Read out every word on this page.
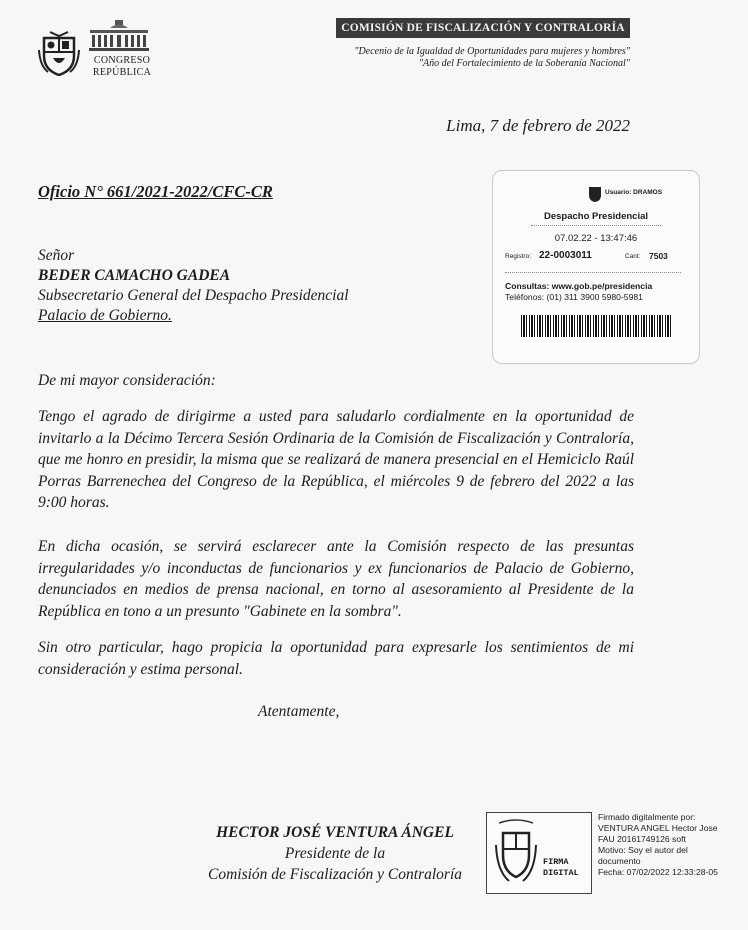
CONGRESO
REPÚBLICA
COMISIÓN DE FISCALIZACIÓN Y CONTRALORÍA
"Decenio de la Igualdad de Oportunidades para mujeres y hombres"
"Año del Fortalecimiento de la Soberanía Nacional"
Lima, 7 de febrero de 2022
Oficio N° 661/2021-2022/CFC-CR
Señor
BEDER CAMACHO GADEA
Subsecretario General del Despacho Presidencial
Palacio de Gobierno.
Usuario: DRAMOS
Despacho Presidencial
07.02.22 - 13:47:46
Registro: 22-0003011	Cant: 7503
Consultas: www.gob.pe/presidencia
Teléfonos: (01) 311 3900 5980-5981
De mi mayor consideración:
Tengo el agrado de dirigirme a usted para saludarlo cordialmente en la oportunidad de invitarlo a la Décimo Tercera Sesión Ordinaria de la Comisión de Fiscalización y Contraloría, que me honro en presidir, la misma que se realizará de manera presencial en el Hemiciclo Raúl Porras Barrenechea del Congreso de la República, el miércoles 9 de febrero del 2022 a las 9:00 horas.
En dicha ocasión, se servirá esclarecer ante la Comisión respecto de las presuntas irregularidades y/o inconductas de funcionarios y ex funcionarios de Palacio de Gobierno, denunciados en medios de prensa nacional, en torno al asesoramiento al Presidente de la República en tono a un presunto "Gabinete en la sombra".
Sin otro particular, hago propicia la oportunidad para expresarle los sentimientos de mi consideración y estima personal.
Atentamente,
HECTOR JOSÉ VENTURA ÁNGEL
Presidente de la
Comisión de Fiscalización y Contraloría
FIRMA
DIGITAL
Firmado digitalmente por:
VENTURA ANGEL Hector Jose
FAU 20161749126 soft
Motivo: Soy el autor del
documento
Fecha: 07/02/2022 12:33:28-05
